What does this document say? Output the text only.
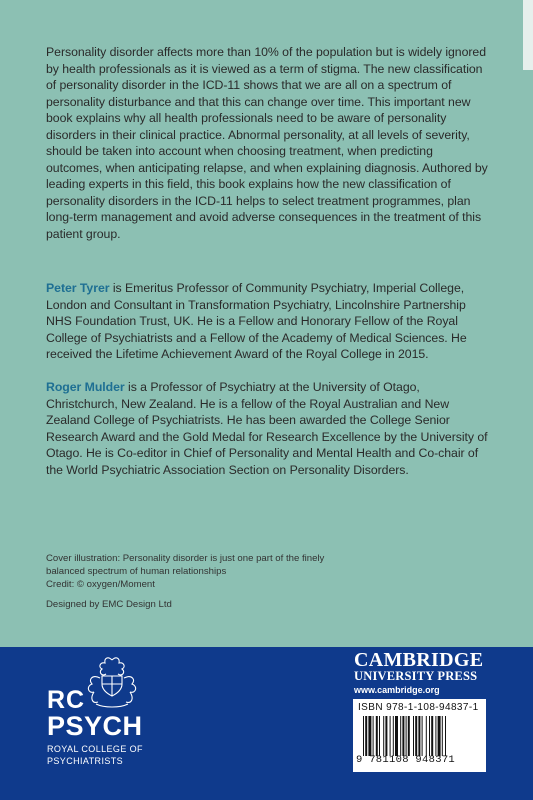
Personality disorder affects more than 10% of the population but is widely ignored by health professionals as it is viewed as a term of stigma. The new classification of personality disorder in the ICD-11 shows that we are all on a spectrum of personality disturbance and that this can change over time. This important new book explains why all health professionals need to be aware of personality disorders in their clinical practice. Abnormal personality, at all levels of severity, should be taken into account when choosing treatment, when predicting outcomes, when anticipating relapse, and when explaining diagnosis. Authored by leading experts in this field, this book explains how the new classification of personality disorders in the ICD-11 helps to select treatment programmes, plan long-term management and avoid adverse consequences in the treatment of this patient group.
Peter Tyrer is Emeritus Professor of Community Psychiatry, Imperial College, London and Consultant in Transformation Psychiatry, Lincolnshire Partnership NHS Foundation Trust, UK. He is a Fellow and Honorary Fellow of the Royal College of Psychiatrists and a Fellow of the Academy of Medical Sciences. He received the Lifetime Achievement Award of the Royal College in 2015.
Roger Mulder is a Professor of Psychiatry at the University of Otago, Christchurch, New Zealand. He is a fellow of the Royal Australian and New Zealand College of Psychiatrists. He has been awarded the College Senior Research Award and the Gold Medal for Research Excellence by the University of Otago. He is Co-editor in Chief of Personality and Mental Health and Co-chair of the World Psychiatric Association Section on Personality Disorders.
Cover illustration: Personality disorder is just one part of the finely balanced spectrum of human relationships
Credit: © oxygen/Moment
Designed by EMC Design Ltd
RC
PSYCH
ROYAL COLLEGE OF
PSYCHIATRISTS
CAMBRIDGE
UNIVERSITY PRESS
www.cambridge.org
ISBN 978-1-108-94837-1
9 781108 948371
